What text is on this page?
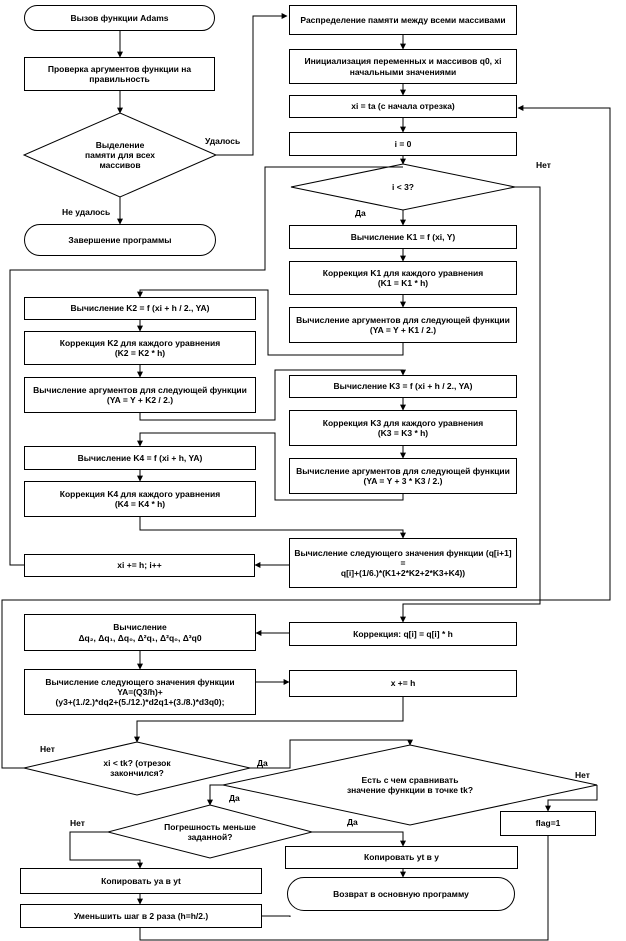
Вызов функции Adams
Проверка аргументов функции на правильность
Выделение
памяти для всех
массивов
Удалось
Не удалось
Завершение программы
Распределение памяти между всеми массивами
Инициализация переменных и массивов q0, xi начальными значениями
xi = ta (с начала отрезка)
i = 0
i < 3?
Нет
Да
Вычисление K1 = f (xi, Y)
Коррекция K1 для каждого уравнения
(K1 = K1 * h)
Вычисление аргументов для следующей функции (YA = Y + K1 / 2.)
Вычисление K2 = f (xi + h / 2., YA)
Коррекция K2 для каждого уравнения
(K2 = K2 * h)
Вычисление аргументов для следующей функции (YA = Y + K2 / 2.)
Вычисление K3 = f (xi + h / 2., YA)
Коррекция K3 для каждого уравнения
(K3 = K3 * h)
Вычисление аргументов для следующей функции (YA = Y + 3 * K3 / 2.)
Вычисление K4 = f (xi + h, YA)
Коррекция K4 для каждого уравнения
(K4 = K4 * h)
Вычисление следующего значения функции (q[i+1] =
q[i]+(1/6.)*(K1+2*K2+2*K3+K4))
xi += h; i++
Коррекция: q[i] = q[i] * h
Вычисление
Δq₂, Δq₁, Δq₀, Δ²q₁, Δ²q₀, Δ³q0
Вычисление следующего значения функции
YA=(Q3/h)+
(y3+(1./2.)*dq2+(5./12.)*d2q1+(3./8.)*d3q0);
x += h
xi < tk? (отрезок
закончился?
Нет
Да
Есть с чем сравнивать
значение функции в точке tk?
Нет
Да
Погрешность меньше
заданной?
Нет	Да	flag=1
Копировать yt в y
Возврат в основную программу
Копировать ya в yt
Уменьшить шаг в 2 раза (h=h/2.)
